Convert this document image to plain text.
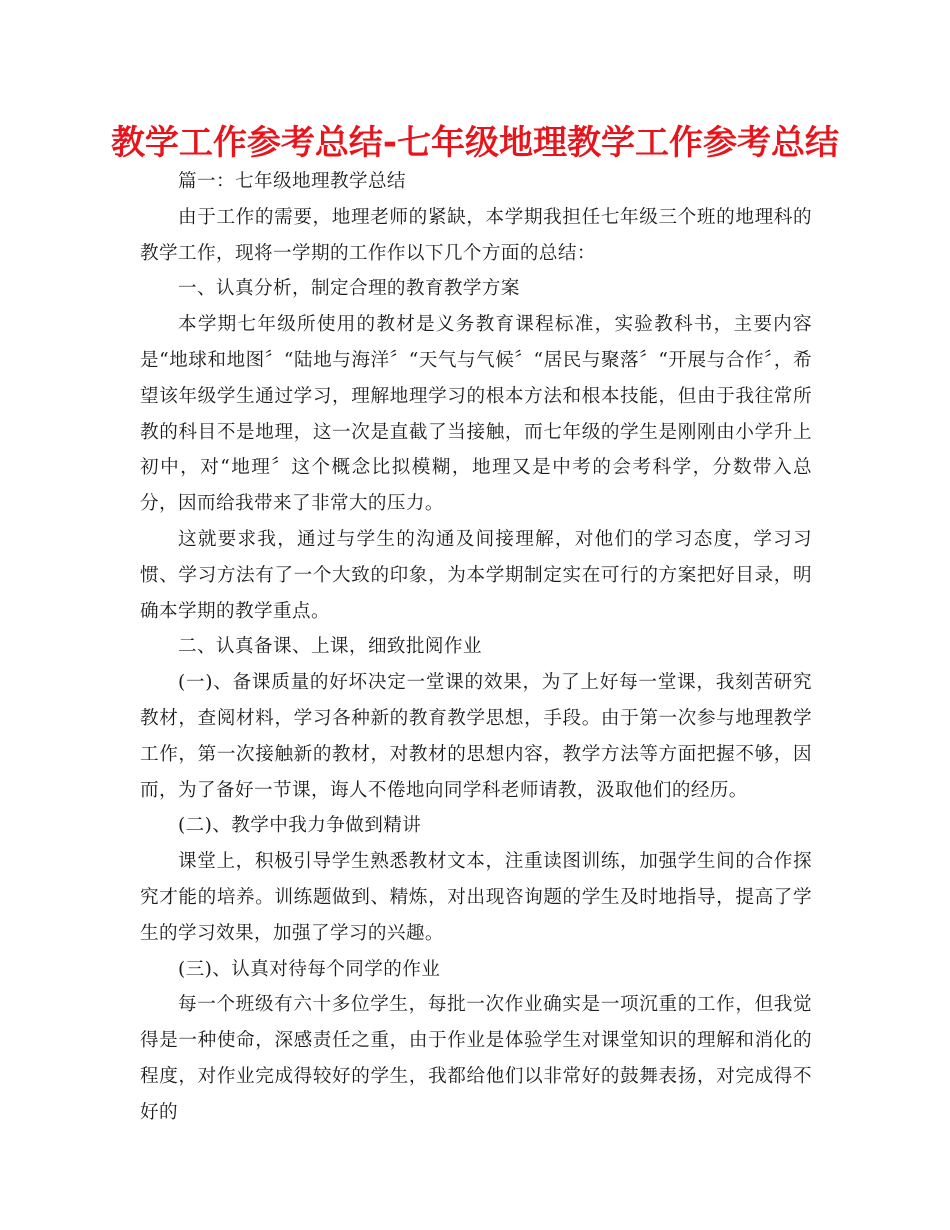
教学工作参考总结-七年级地理教学工作参考总结

篇一：七年级地理教学总结

由于工作的需要，地理老师的紧缺，本学期我担任七年级三个班的地理科的教学工作，现将一学期的工作作以下几个方面的总结：

一、认真分析，制定合理的教育教学方案

本学期七年级所使用的教材是义务教育课程标准，实验教科书，主要内容是“地球和地图〞“陆地与海洋〞“天气与气候〞“居民与聚落〞“开展与合作〞，希望该年级学生通过学习，理解地理学习的根本方法和根本技能，但由于我往常所教的科目不是地理，这一次是直截了当接触，而七年级的学生是刚刚由小学升上初中，对“地理〞这个概念比拟模糊，地理又是中考的会考科学，分数带入总分，因而给我带来了非常大的压力。

这就要求我，通过与学生的沟通及间接理解，对他们的学习态度，学习习惯、学习方法有了一个大致的印象，为本学期制定实在可行的方案把好目录，明确本学期的教学重点。

二、认真备课、上课，细致批阅作业

(一)、备课质量的好坏决定一堂课的效果，为了上好每一堂课，我刻苦研究教材，查阅材料，学习各种新的教育教学思想，手段。由于第一次参与地理教学工作，第一次接触新的教材，对教材的思想内容，教学方法等方面把握不够，因而，为了备好一节课，诲人不倦地向同学科老师请教，汲取他们的经历。

(二)、教学中我力争做到精讲

课堂上，积极引导学生熟悉教材文本，注重读图训练，加强学生间的合作探究才能的培养。训练题做到、精炼，对出现咨询题的学生及时地指导，提高了学生的学习效果，加强了学习的兴趣。

(三)、认真对待每个同学的作业

每一个班级有六十多位学生，每批一次作业确实是一项沉重的工作，但我觉得是一种使命，深感责任之重，由于作业是体验学生对课堂知识的理解和消化的程度，对作业完成得较好的学生，我都给他们以非常好的鼓舞表扬，对完成得不好的
